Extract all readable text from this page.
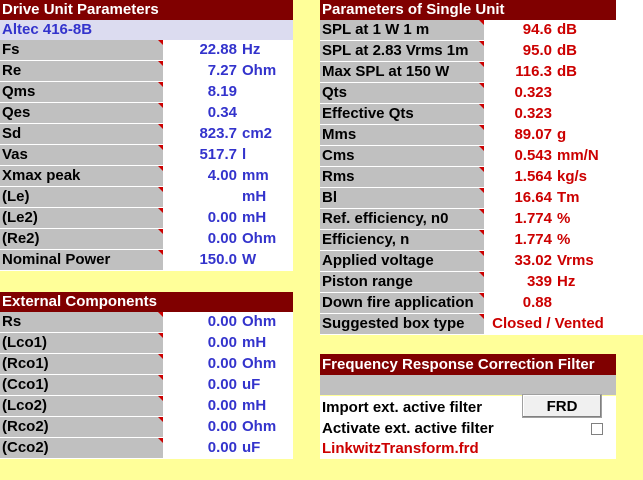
Drive Unit Parameters
Altec 416-8B
Fs	22.88 Hz
Re	7.27 Ohm
Qms	8.19
Qes	0.34
Sd	823.7 cm2
Vas	517.7 l
Xmax peak	4.00 mm
(Le)	mH
(Le2)	0.00 mH
(Re2)	0.00 Ohm
Nominal Power	150.0 W
External Components
Rs	0.00 Ohm
(Lco1)	0.00 mH
(Rco1)	0.00 Ohm
(Cco1)	0.00 uF
(Lco2)	0.00 mH
(Rco2)	0.00 Ohm
(Cco2)	0.00 uF
Parameters of Single Unit
SPL at 1 W 1 m	94.6 dB
SPL at 2.83 Vrms 1m	95.0 dB
Max SPL at 150 W	116.3 dB
Qts	0.323
Effective Qts	0.323
Mms	89.07 g
Cms	0.543 mm/N
Rms	1.564 kg/s
Bl	16.64 Tm
Ref. efficiency, n0	1.774 %
Efficiency, n	1.774 %
Applied voltage	33.02 Vrms
Piston range	339 Hz
Down fire application	0.88
Suggested box type	Closed / Vented
Frequency Response Correction Filter
Import ext. active filter	FRD
Activate ext. active filter
LinkwitzTransform.frd
